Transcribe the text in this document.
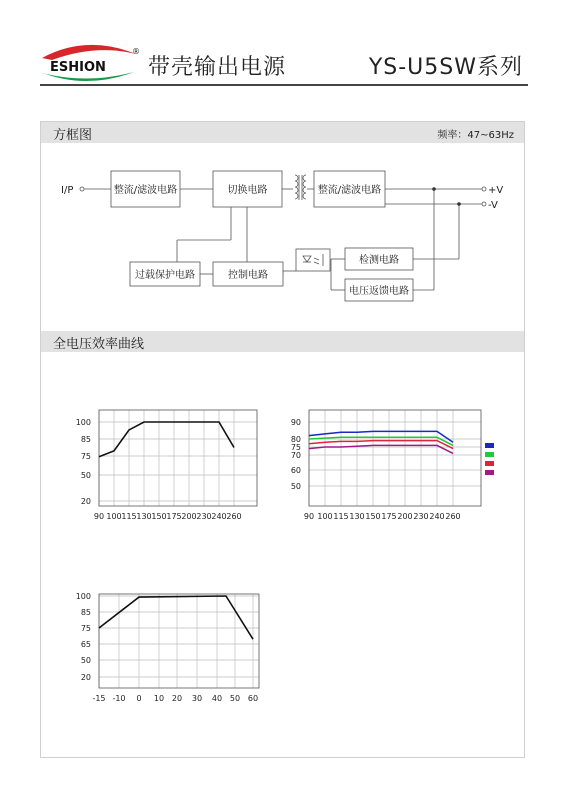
ESHION
®
带壳输出电源	YS-U5SW系列
方框图	频率：47~63Hz
I/P	+V
-V
整流/滤波电路	切换电路	整流/滤波电路
过载保护电路	控制电路
检测电路
电压返馈电路
全电压效率曲线
90 100 115 130 150 175 200 230 240 260
20
50
75
85
100
90 100 115 130 150 175 200 230 240 260
50
60
70
75
80
90
-15 -10 0 10 20 30 40 50 60
20
50
65
75
85
100
